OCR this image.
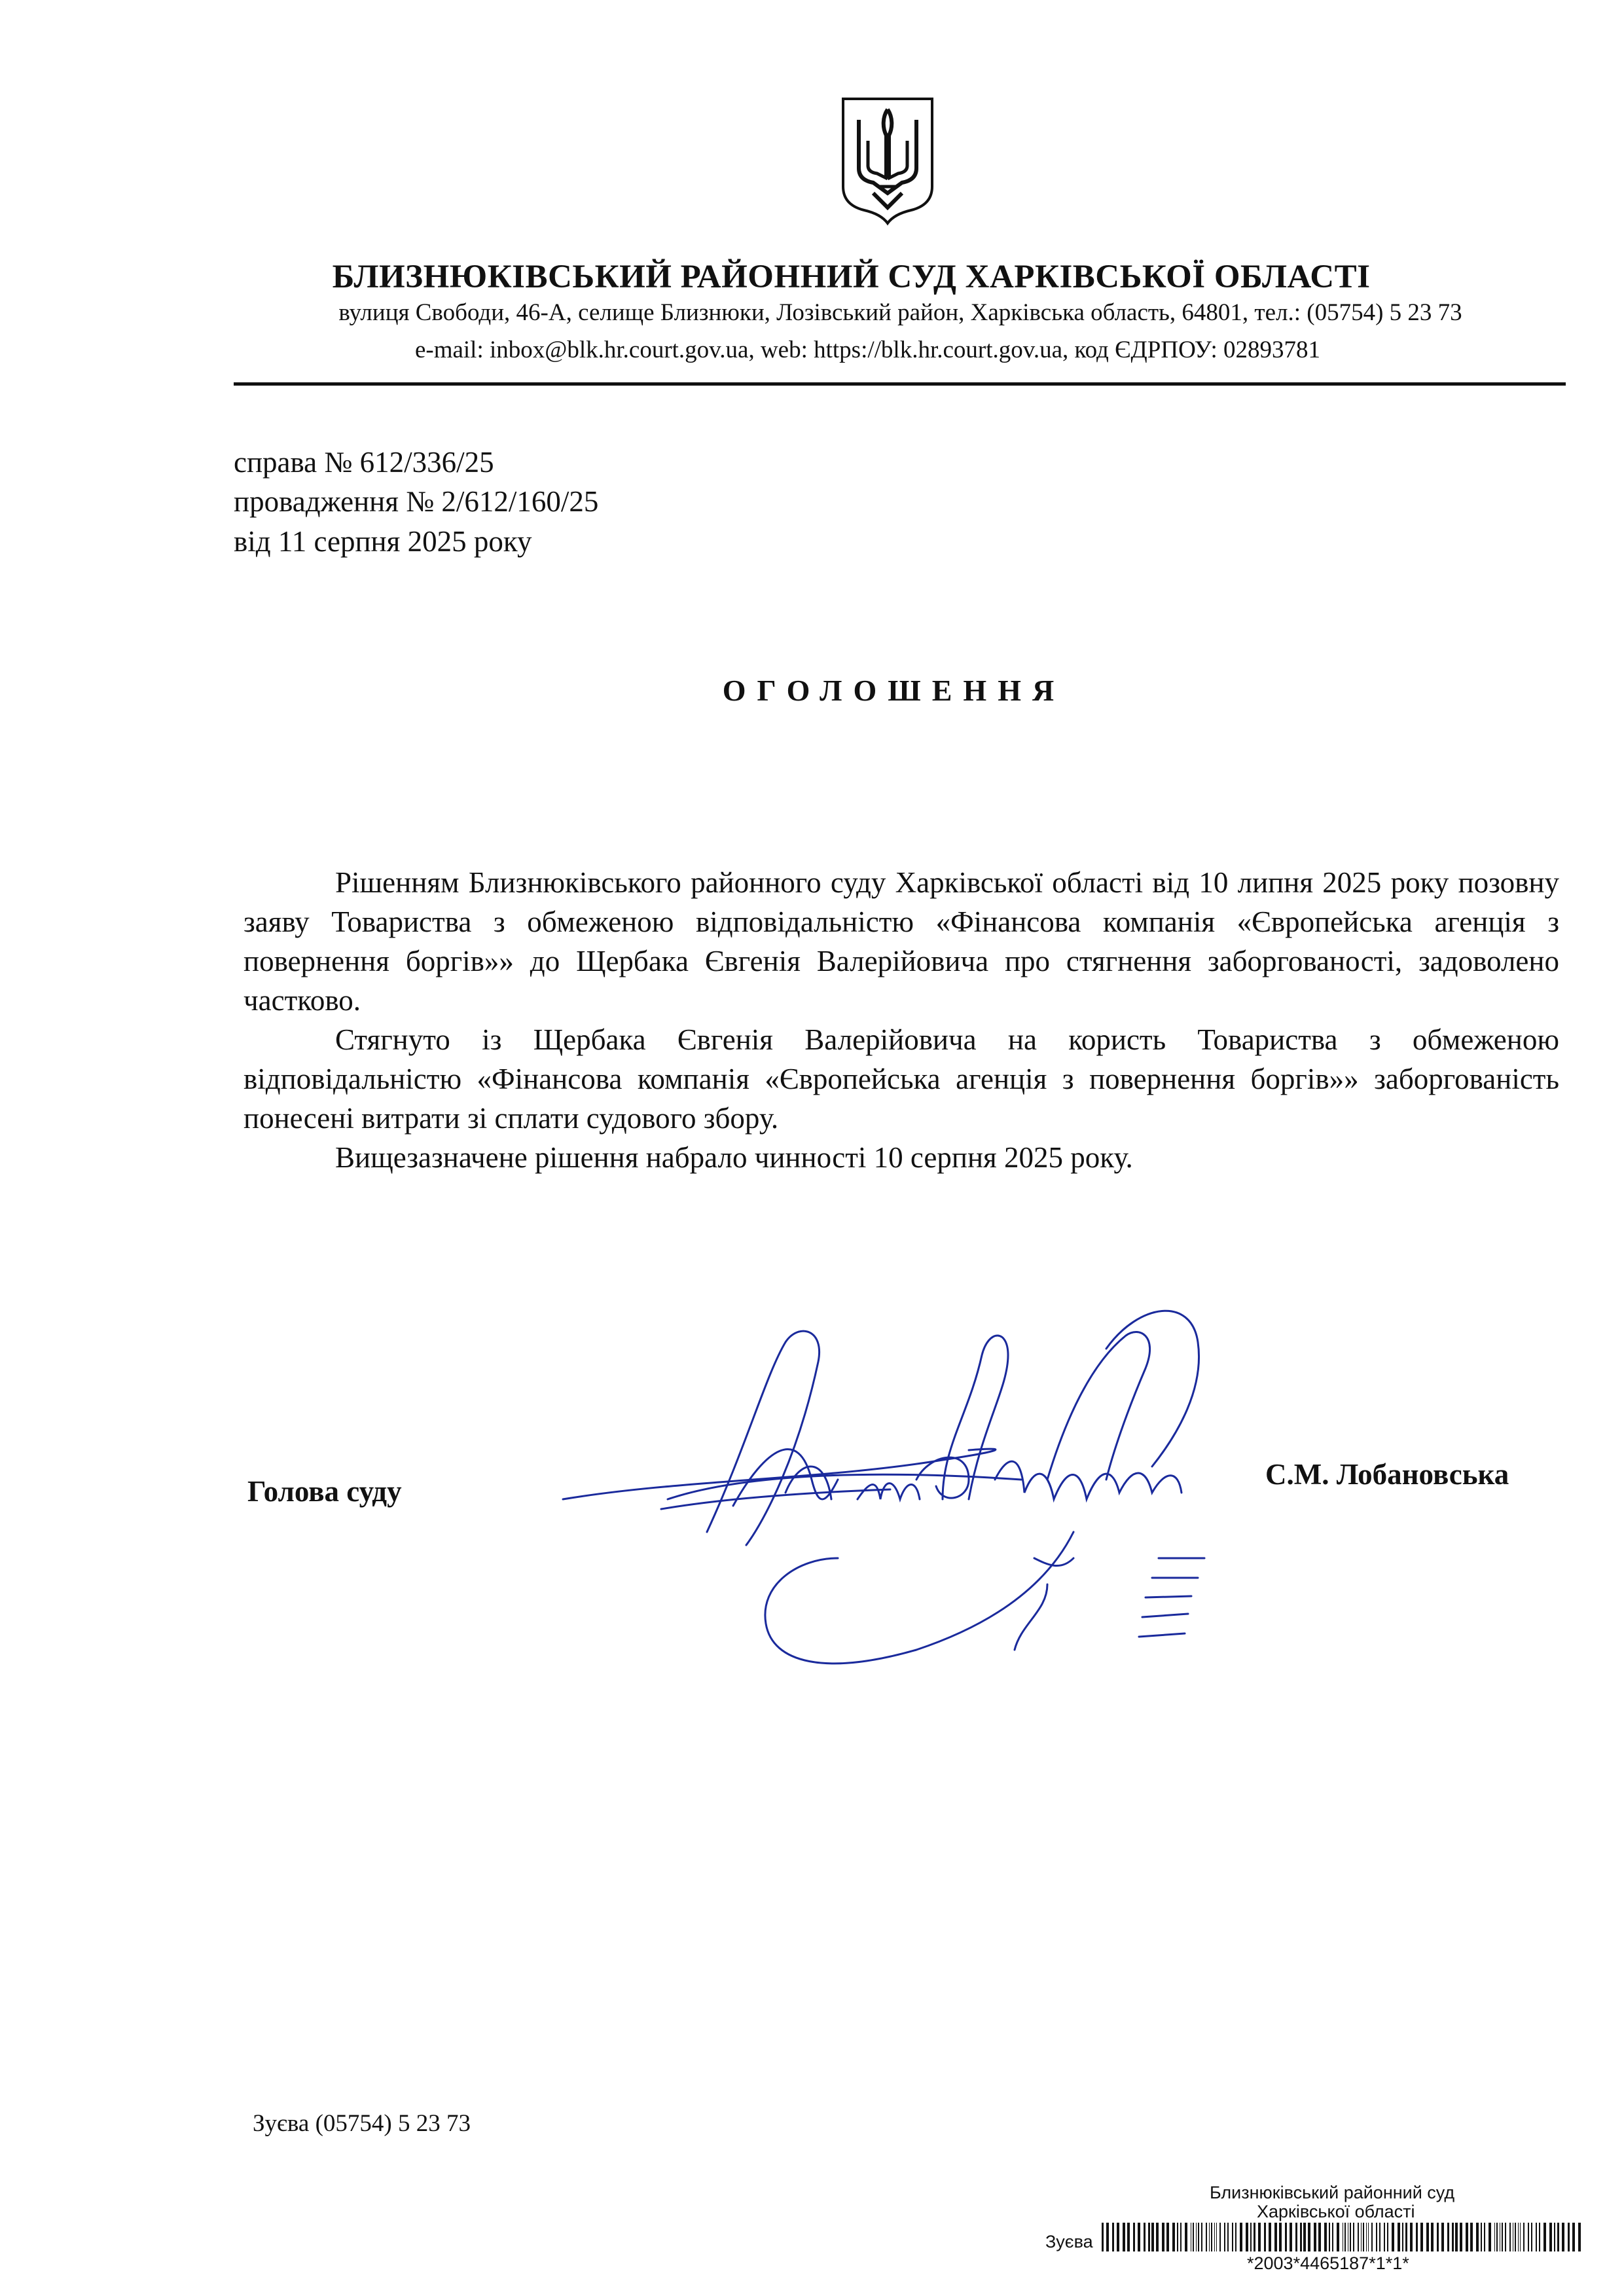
БЛИЗНЮКІВСЬКИЙ РАЙОННИЙ СУД ХАРКІВСЬКОЇ ОБЛАСТІ
вулиця Свободи, 46-А, селище Близнюки, Лозівський район, Харківська область, 64801, тел.: (05754) 5 23 73
e-mail: inbox@blk.hr.court.gov.ua, web: https://blk.hr.court.gov.ua, код ЄДРПОУ: 02893781
справа № 612/336/25
провадження № 2/612/160/25
від 11 серпня 2025 року
ОГОЛОШЕННЯ

Рішенням Близнюківського районного суду Харківської області від 10 липня 2025 року позовну заяву Товариства з обмеженою відповідальністю «Фінансова компанія «Європейська агенція з повернення боргів»» до Щербака Євгенія Валерійовича про стягнення заборгованості, задоволено частково.

Стягнуто із Щербака Євгенія Валерійовича на користь Товариства з обмеженою відповідальністю «Фінансова компанія «Європейська агенція з повернення боргів»» заборгованість понесені витрати зі сплати судового збору.

Вищезазначене рішення набрало чинності 10 серпня 2025 року.

Голова суду
С.М. Лобановська
Зуєва (05754) 5 23 73
Близнюківський районний суд
Харківської області
Зуєва
*2003*4465187*1*1*
